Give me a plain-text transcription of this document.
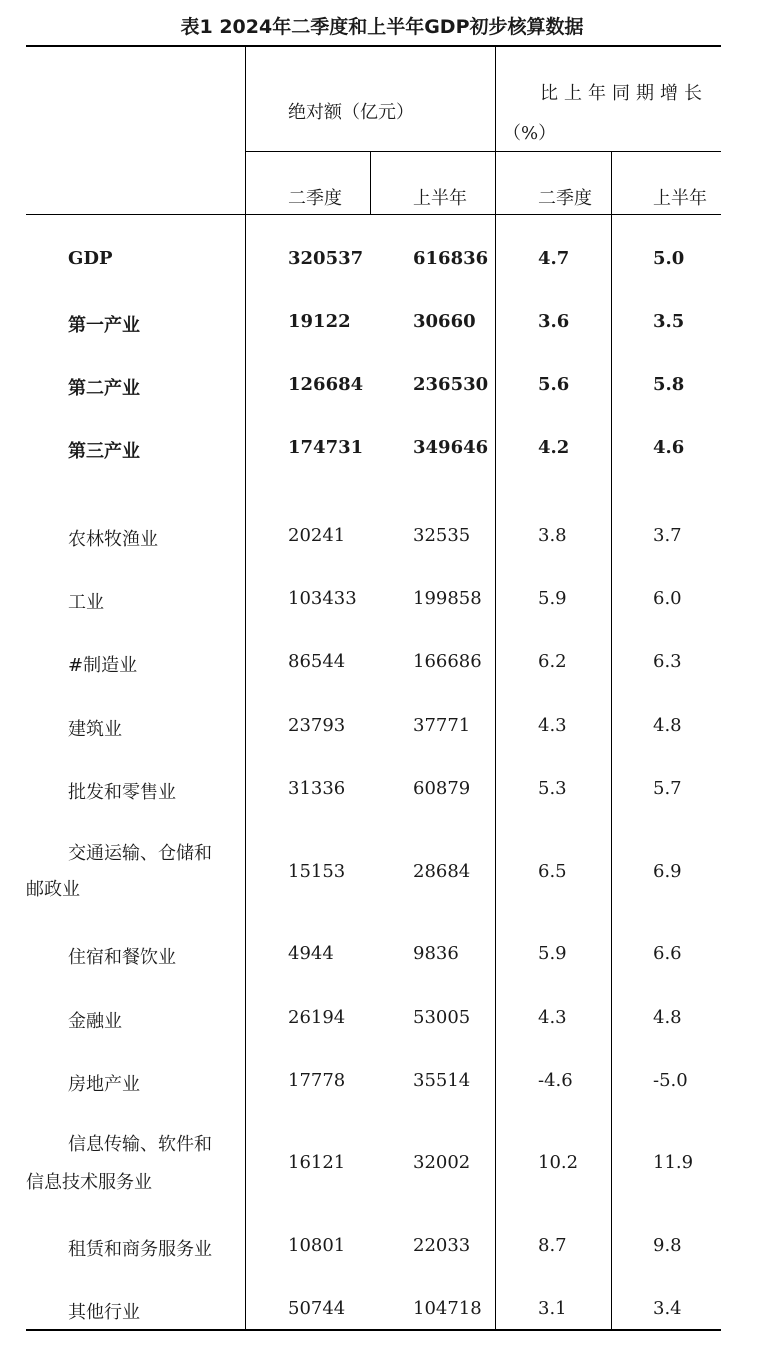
表1 2024年二季度和上半年GDP初步核算数据
绝对额（亿元）
比上年同期增长
（%）
二季度	上半年	二季度	上半年
GDP	320537	616836	4.7	5.0
第一产业	19122	30660	3.6	3.5
第二产业	126684	236530	5.6	5.8
第三产业	174731	349646	4.2	4.6
农林牧渔业	20241	32535	3.8	3.7
工业	103433	199858	5.9	6.0
#制造业	86544	166686	6.2	6.3
建筑业	23793	37771	4.3	4.8
批发和零售业	31336	60879	5.3	5.7
交通运输、仓储和
邮政业
15153	28684	6.5	6.9
住宿和餐饮业	4944	9836	5.9	6.6
金融业	26194	53005	4.3	4.8
房地产业	17778	35514	-4.6	-5.0
信息传输、软件和
信息技术服务业
16121	32002	10.2	11.9
租赁和商务服务业	10801	22033	8.7	9.8
其他行业	50744	104718	3.1	3.4
